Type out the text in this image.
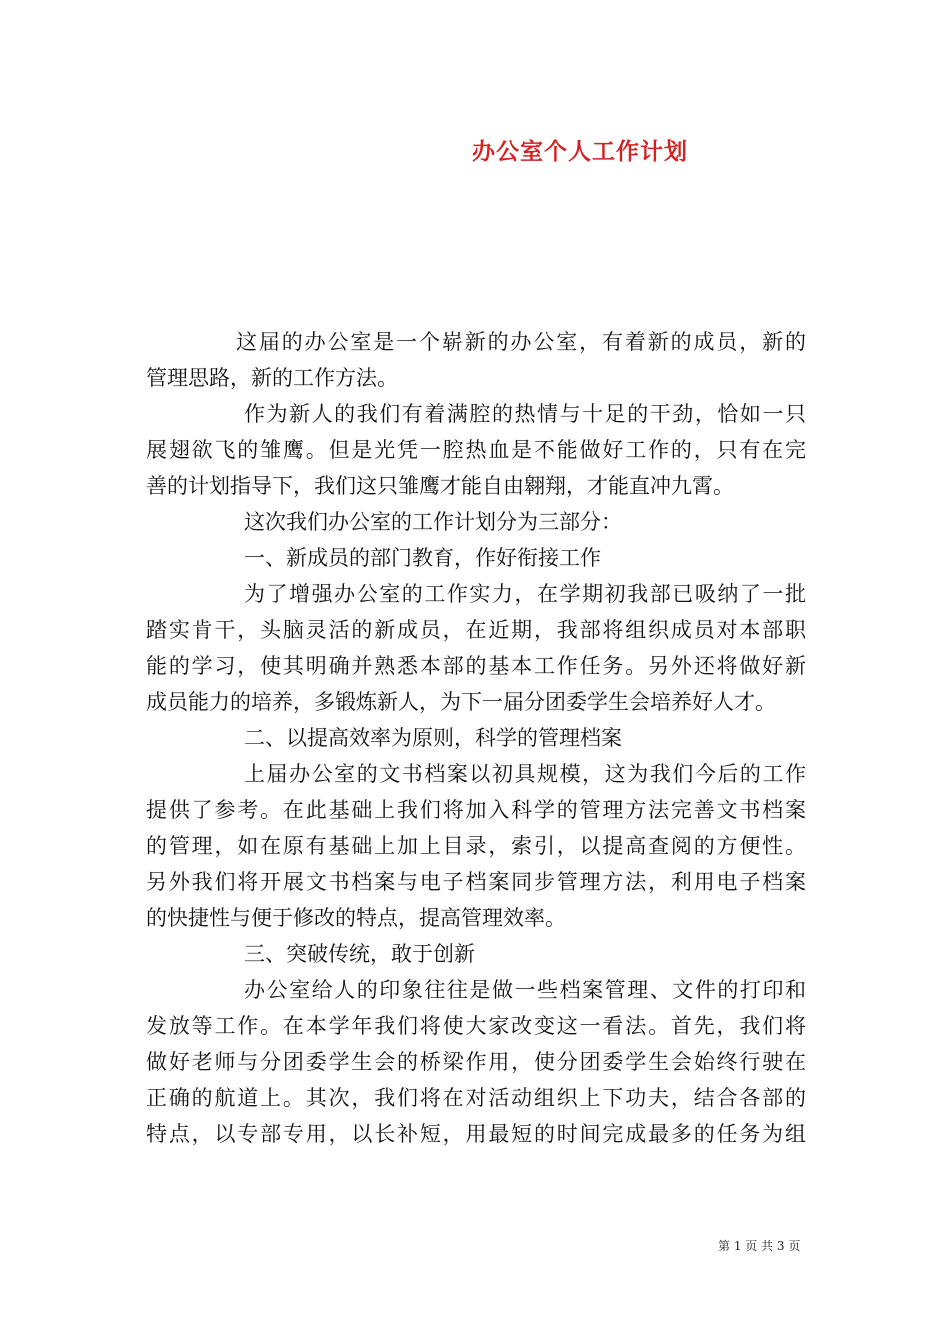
办公室个人工作计划
这届的办公室是一个崭新的办公室，有着新的成员，新的
管理思路，新的工作方法。
作为新人的我们有着满腔的热情与十足的干劲，恰如一只
展翅欲飞的雏鹰。但是光凭一腔热血是不能做好工作的，只有在完
善的计划指导下，我们这只雏鹰才能自由翱翔，才能直冲九霄。
这次我们办公室的工作计划分为三部分：
一、新成员的部门教育，作好衔接工作
为了增强办公室的工作实力，在学期初我部已吸纳了一批
踏实肯干，头脑灵活的新成员，在近期，我部将组织成员对本部职
能的学习，使其明确并熟悉本部的基本工作任务。另外还将做好新
成员能力的培养，多锻炼新人，为下一届分团委学生会培养好人才。
二、以提高效率为原则，科学的管理档案
上届办公室的文书档案以初具规模，这为我们今后的工作
提供了参考。在此基础上我们将加入科学的管理方法完善文书档案
的管理，如在原有基础上加上目录，索引，以提高查阅的方便性。
另外我们将开展文书档案与电子档案同步管理方法，利用电子档案
的快捷性与便于修改的特点，提高管理效率。
三、突破传统，敢于创新
办公室给人的印象往往是做一些档案管理、文件的打印和
发放等工作。在本学年我们将使大家改变这一看法。首先，我们将
做好老师与分团委学生会的桥梁作用，使分团委学生会始终行驶在
正确的航道上。其次，我们将在对活动组织上下功夫，结合各部的
特点，以专部专用，以长补短，用最短的时间完成最多的任务为组
第 1 页 共 3 页
